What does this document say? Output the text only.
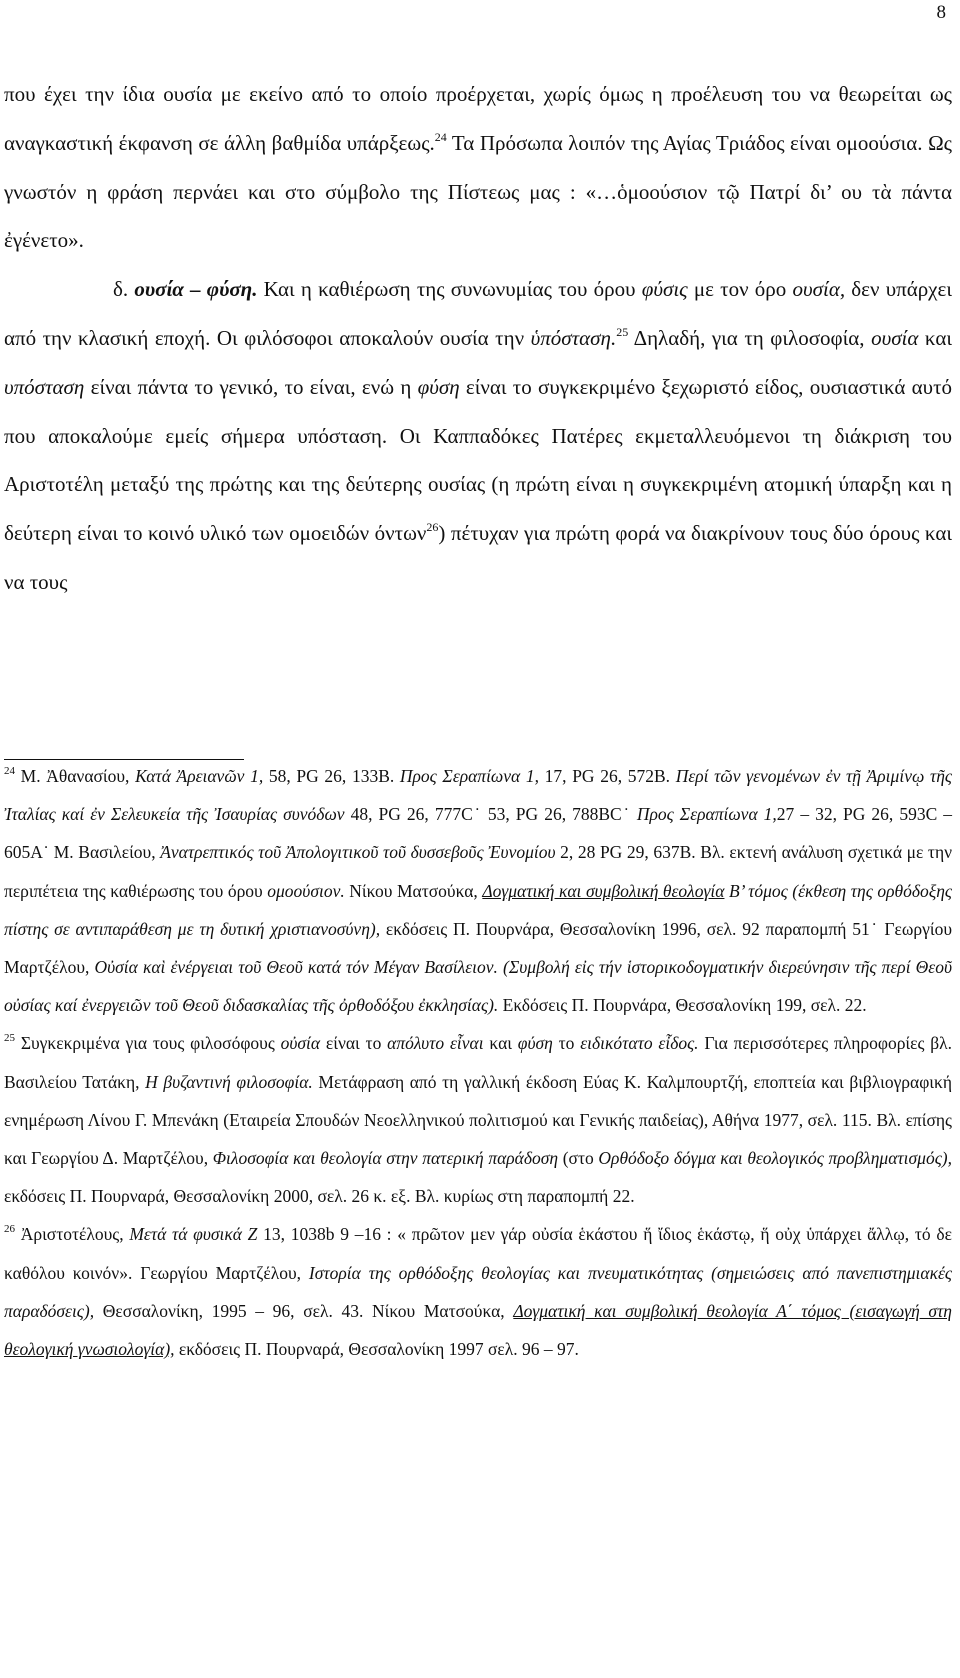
8

που έχει την ίδια ουσία με εκείνο από το οποίο προέρχεται, χωρίς όμως η προέλευση του να θεωρείται ως αναγκαστική έκφανση σε άλλη βαθμίδα υπάρξεως.$^{24}$ Τα Πρόσωπα λοιπόν της Αγίας Τριάδος είναι ομοούσια. Ως γνωστόν η φράση περνάει και στο σύμβολο της Πίστεως μας : «…ὁμοούσιον τῷ Πατρί δι’ ου τὰ πάντα ἐγένετο».

δ. ουσία – φύση. Και η καθιέρωση της συνωνυμίας του όρου φύσις με τον όρο ουσία, δεν υπάρχει από την κλασική εποχή. Οι φιλόσοφοι αποκαλούν ουσία την ὑπόσταση.$^{25}$ Δηλαδή, για τη φιλοσοφία, ουσία και υπόσταση είναι πάντα το γενικό, το είναι, ενώ η φύση είναι το συγκεκριμένο ξεχωριστό είδος, ουσιαστικά αυτό που αποκαλούμε εμείς σήμερα υπόσταση. Οι Καππαδόκες Πατέρες εκμεταλλευόμενοι τη διάκριση του Αριστοτέλη μεταξύ της πρώτης και της δεύτερης ουσίας (η πρώτη είναι η συγκεκριμένη ατομική ύπαρξη και η δεύτερη είναι το κοινό υλικό των ομοειδών όντων$^{26}$) πέτυχαν για πρώτη φορά να διακρίνουν τους δύο όρους και να τους

$^{24}$ Μ. Ἀθανασίου, Κατά Ἀρειανῶν 1, 58, PG 26, 133B. Προς Σεραπίωνα 1, 17, PG 26, 572B. Περί τῶν γενομένων ἐν τῇ Ἀριμίνῳ τῆς Ἰταλίας καί ἐν Σελευκεία τῆς Ἰσαυρίας συνόδων 48, PG 26, 777C˙ 53, PG 26, 788BC˙ Προς Σεραπίωνα 1,27 – 32, PG 26, 593C – 605A˙ Μ. Βασιλείου, Ἀνατρεπτικός τοῦ Ἀπολογιτικοῦ τοῦ δυσσεβοῦς Ἐυνομίου 2, 28 PG 29, 637B. Βλ. εκτενή ανάλυση σχετικά με την περιπέτεια της καθιέρωσης του όρου ομοούσιον. Νίκου Ματσούκα, Δογματική και συμβολική θεολογία Β’ τόμος (έκθεση της ορθόδοξης πίστης σε αντιπαράθεση με τη δυτική χριστιανοσύνη), εκδόσεις Π. Πουρνάρα, Θεσσαλονίκη 1996, σελ. 92 παραπομπή 51˙ Γεωργίου Μαρτζέλου, Οὐσία καὶ ἐνέργειαι τοῦ Θεοῦ κατά τόν Μέγαν Βασίλειον. (Συμβολή εἰς τήν ἱστορικοδογματικήν διερεύνησιν τῆς περί Θεοῦ οὐσίας καί ἐνεργειῶν τοῦ Θεοῦ διδασκαλίας τῆς ὀρθοδόξου ἐκκλησίας). Εκδόσεις Π. Πουρνάρα, Θεσσαλονίκη 199, σελ. 22.

$^{25}$ Συγκεκριμένα για τους φιλοσόφους οὐσία είναι το απόλυτο εἶναι και φύση το ειδικότατο εἶδος. Για περισσότερες πληροφορίες βλ. Βασιλείου Τατάκη, Η βυζαντινή φιλοσοφία. Μετάφραση από τη γαλλική έκδοση Εύας Κ. Καλμπουρτζή, εποπτεία και βιβλιογραφική ενημέρωση Λίνου Γ. Μπενάκη (Εταιρεία Σπουδών Νεοελληνικού πολιτισμού και Γενικής παιδείας), Αθήνα 1977, σελ. 115. Βλ. επίσης και Γεωργίου Δ. Μαρτζέλου, Φιλοσοφία και θεολογία στην πατερική παράδοση (στο Ορθόδοξο δόγμα και θεολογικός προβληματισμός), εκδόσεις Π. Πουρναρά, Θεσσαλονίκη 2000, σελ. 26 κ. εξ. Βλ. κυρίως στη παραπομπή 22.

$^{26}$ Ἀριστοτέλους, Μετά τά φυσικά Ζ 13, 1038b 9 –16 : « πρῶτον μεν γάρ οὐσία ἑκάστου ἥ ἴδιος ἑκάστῳ, ἥ οὐχ ὑπάρχει ἄλλῳ, τό δε καθόλου κοινόν». Γεωργίου Μαρτζέλου, Ιστορία της ορθόδοξης θεολογίας και πνευματικότητας (σημειώσεις από πανεπιστημιακές παραδόσεις), Θεσσαλονίκη, 1995 – 96, σελ. 43. Νίκου Ματσούκα, Δογματική και συμβολική θεολογία Α΄ τόμος (εισαγωγή στη θεολογική γνωσιολογία), εκδόσεις Π. Πουρναρά, Θεσσαλονίκη 1997 σελ. 96 – 97.
